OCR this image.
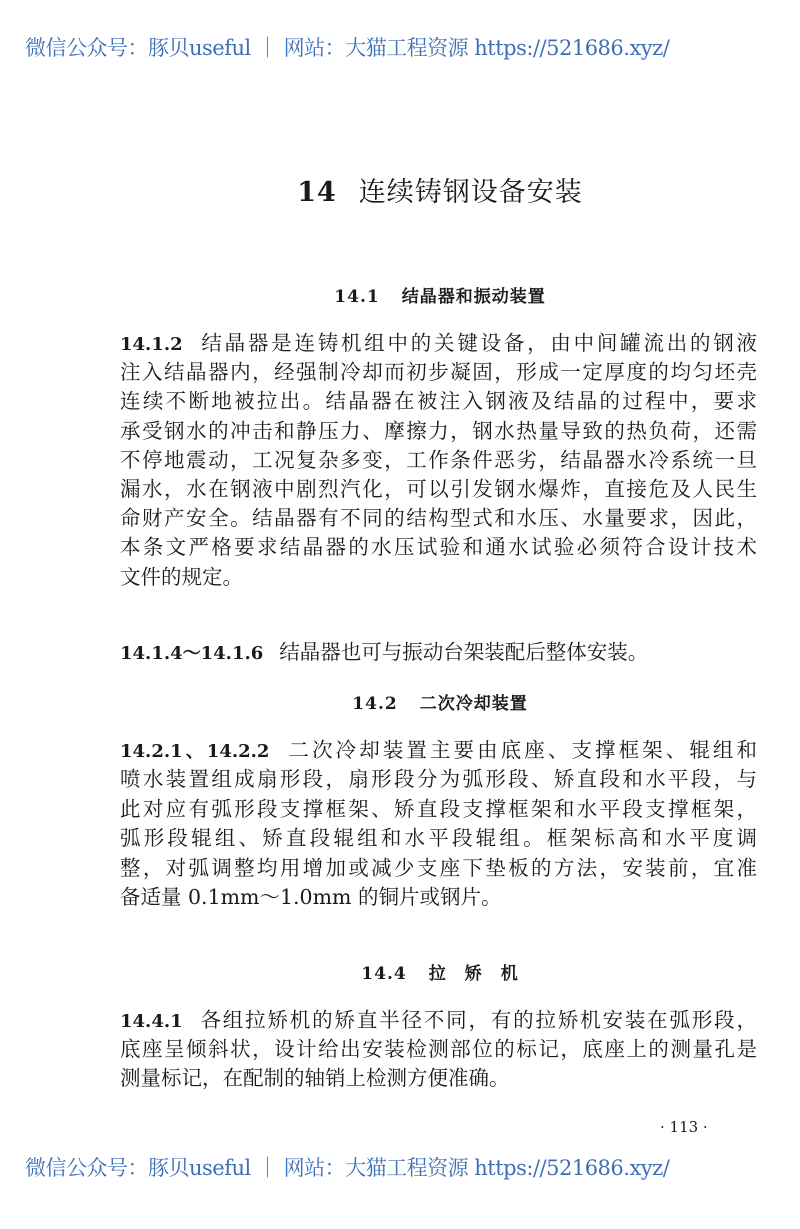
微信公众号：豚贝useful ｜ 网站：大猫工程资源 https://521686.xyz/
14 连续铸钢设备安装
14.1 结晶器和振动装置
14.1.2 结晶器是连铸机组中的关键设备，由中间罐流出的钢液
注入结晶器内，经强制冷却而初步凝固，形成一定厚度的均匀坯壳
连续不断地被拉出。结晶器在被注入钢液及结晶的过程中，要求
承受钢水的冲击和静压力、摩擦力，钢水热量导致的热负荷，还需
不停地震动，工况复杂多变，工作条件恶劣，结晶器水冷系统一旦
漏水，水在钢液中剧烈汽化，可以引发钢水爆炸，直接危及人民生
命财产安全。结晶器有不同的结构型式和水压、水量要求，因此，
本条文严格要求结晶器的水压试验和通水试验必须符合设计技术
文件的规定。
14.1.4～14.1.6 结晶器也可与振动台架装配后整体安装。
14.2 二次冷却装置
14.2.1、14.2.2 二次冷却装置主要由底座、支撑框架、辊组和
喷水装置组成扇形段，扇形段分为弧形段、矫直段和水平段，与
此对应有弧形段支撑框架、矫直段支撑框架和水平段支撑框架，
弧形段辊组、矫直段辊组和水平段辊组。框架标高和水平度调
整，对弧调整均用增加或减少支座下垫板的方法，安装前，宜准
备适量 0.1mm～1.0mm 的铜片或钢片。
14.4 拉　矫　机
14.4.1 各组拉矫机的矫直半径不同，有的拉矫机安装在弧形段，
底座呈倾斜状，设计给出安装检测部位的标记，底座上的测量孔是
测量标记，在配制的轴销上检测方便准确。
· 113 ·
微信公众号：豚贝useful ｜ 网站：大猫工程资源 https://521686.xyz/
